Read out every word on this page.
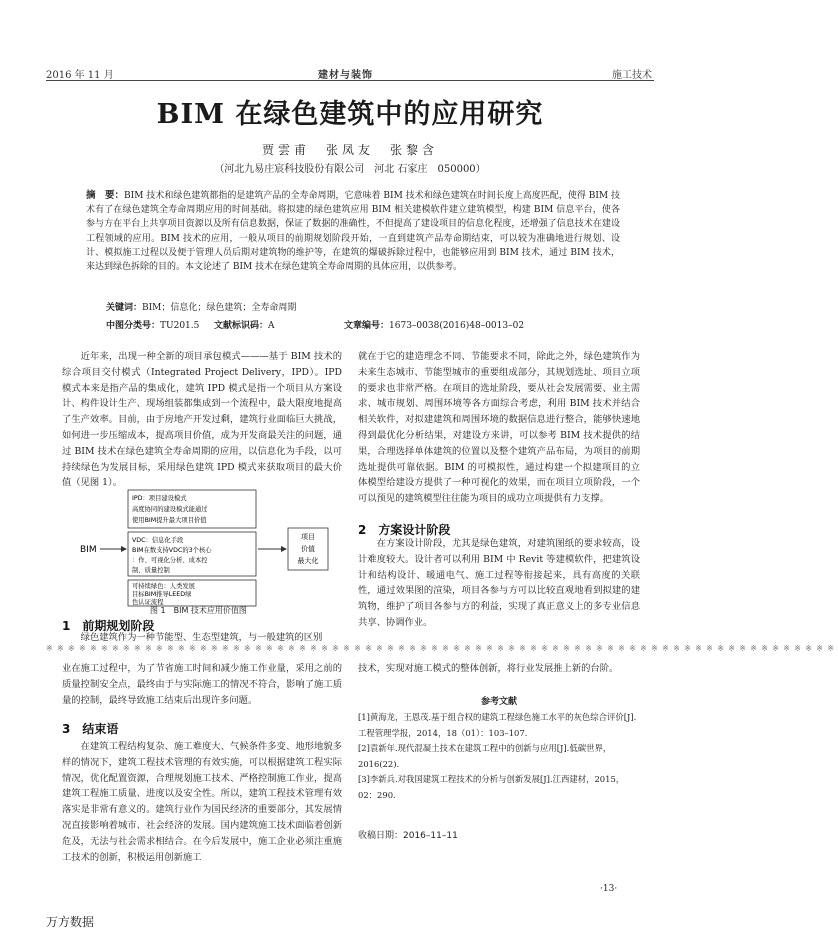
2016 年 11 月	建材与装饰	施工技术
BIM 在绿色建筑中的应用研究
贾雲甫　张凤友　张黎含
（河北九易庄宸科技股份有限公司　河北 石家庄　050000）
摘　要：BIM 技术和绿色建筑都指的是建筑产品的全寿命周期，它意味着 BIM 技术和绿色建筑在时间长度上高度匹配，使得 BIM 技术有了在绿色建筑全寿命周期应用的时间基础。将拟建的绿色建筑应用 BIM 相关建模软件建立建筑模型，构建 BIM 信息平台，使各参与方在平台上共享项目资源以及所有信息数据，保证了数据的准确性，不但提高了建设项目的信息化程度，还增强了信息技术在建设工程领域的应用。BIM 技术的应用，一般从项目的前期规划阶段开始，一直到建筑产品寿命期结束，可以较为准确地进行规划、设计、模拟施工过程以及便于管理人员后期对建筑物的维护等，在建筑的爆破拆除过程中，也能够应用到 BIM 技术，通过 BIM 技术，来达到绿色拆除的目的。本文论述了 BIM 技术在绿色建筑全寿命周期的具体应用，以供参考。
关键词：BIM；信息化；绿色建筑；全寿命周期
中图分类号：TU201.5 文献标识码：A	文章编号：1673–0038(2016)48–0013–02
近年来，出现一种全新的项目承包模式———基于 BIM 技术的综合项目交付模式（Integrated Project Delivery，IPD）。IPD 模式本来是指产品的集成化，建筑 IPD 模式是指一个项目从方案设计、构件设计生产、现场组装都集成到一个流程中，最大限度地提高了生产效率。目前，由于房地产开发过剩，建筑行业面临巨大挑战，如何进一步压缩成本，提高项目价值，成为开发商最关注的问题，通过 BIM 技术在绿色建筑全寿命周期的应用，以信息化为手段，以可持续绿色为发展目标，采用绿色建筑 IPD 模式来获取项目的最大价值（见图 1）。
BIM
IPD：项目建设模式
高度协同的建设模式能通过
使用BIM提升最大项目价值
VDC：信息化手段
BIM在数支持VDC的3个核心
：作、可视化分析、成本控
制、质量控制
可持续绿色：人类发展
目标BIM推导LEED绿
色认证流程
项目
价值
最大化
图 1　BIM 技术应用价值图
1　前期规划阶段
绿色建筑作为一种节能型、生态型建筑，与一般建筑的区别
就在于它的建造理念不同、节能要求不同，除此之外，绿色建筑作为未来生态城市、节能型城市的重要组成部分，其规划选址、项目立项的要求也非常严格。在项目的选址阶段，要从社会发展需要、业主需求、城市规划、周围环境等各方面综合考虑，利用 BIM 技术并结合相关软件，对拟建建筑和周围环境的数据信息进行整合，能够快速地得到最优化分析结果，对建设方来讲，可以参考 BIM 技术提供的结果，合理选择单体建筑的位置以及整个建筑产品布局，为项目的前期选址提供可靠依据。BIM 的可模拟性，通过构建一个拟建项目的立体模型给建设方提供了一种可视化的效果，而在项目立项阶段，一个可以预见的建筑模型往往能为项目的成功立项提供有力支撑。
2　方案设计阶段
在方案设计阶段，尤其是绿色建筑，对建筑图纸的要求较高，设计难度较大。设计者可以利用 BIM 中 Revit 等建模软件，把建筑设计和结构设计、暖通电气、施工过程等衔接起来，具有高度的关联性，通过效果图的渲染，项目各参与方可以比较直观地看到拟建的建筑物，维护了项目各参与方的利益，实现了真正意义上的多专业信息共享、协调作业。
※※※※※※※※※※※※※※※※※※※※※※※※※※※※※※※※※※※※※※※※※※※※※※※※※※※※※※※※※※※※※※※※※※※※※※※※
业在施工过程中，为了节省施工时间和减少施工作业量，采用之前的质量控制安全点，最终由于与实际施工的情况不符合，影响了施工质量的控制，最终导致施工结束后出现许多问题。
3　结束语
在建筑工程结构复杂、施工难度大、气候条件多变、地形地貌多样的情况下，建筑工程技术管理的有效实施，可以根据建筑工程实际情况，优化配置资源，合理规划施工技术、严格控制施工作业，提高建筑工程施工质量、进度以及安全性。所以，建筑工程技术管理有效落实是非常有意义的。建筑行业作为国民经济的重要部分，其发展情况直接影响着城市、社会经济的发展。国内建筑施工技术面临着创新危及，无法与社会需求相结合。在今后发展中，施工企业必须注重施工技术的创新，积极运用创新施工
技术，实现对施工模式的整体创新，将行业发展推上新的台阶。
参考文献
[1]黄海龙，王恩茂.基于组合权的建筑工程绿色施工水平的灰色综合评价[J].工程管理学报，2014，18（01）：103–107.
[2]袁新年.现代混凝土技术在建筑工程中的创新与应用[J].低碳世界，2016(22).
[3]李新兵.对我国建筑工程技术的分析与创新发展[J].江西建材，2015，02：290.
收稿日期：2016–11–11
·13·
万方数据
